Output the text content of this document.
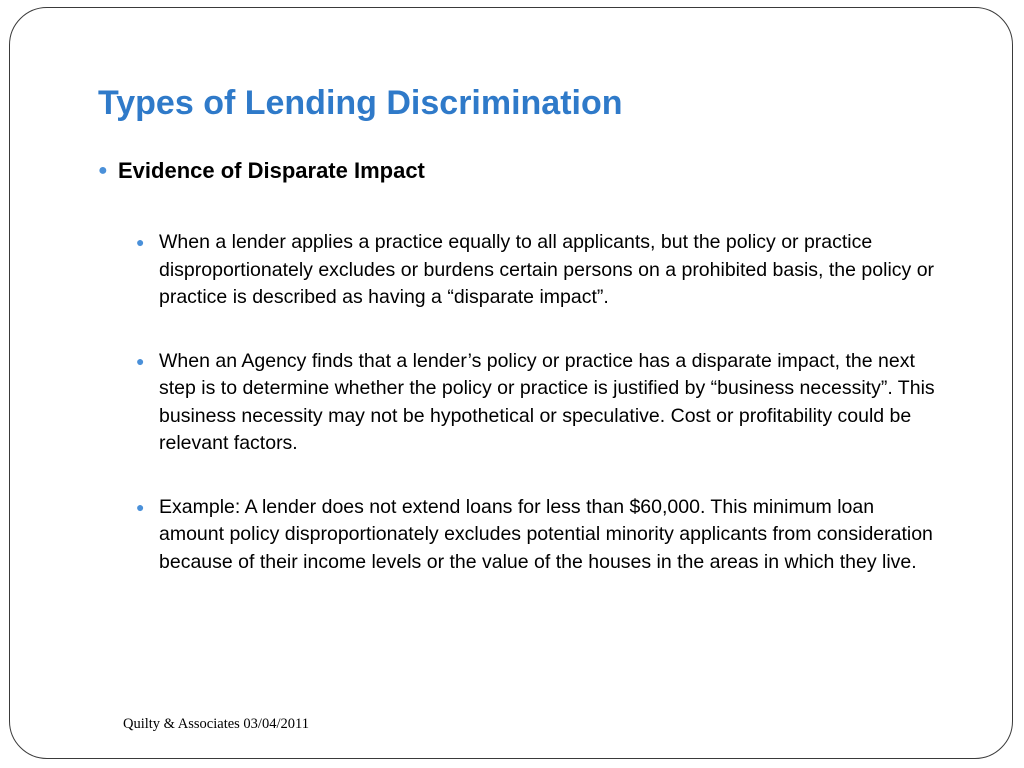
Types of Lending Discrimination
● Evidence of Disparate Impact
● When a lender applies a practice equally to all applicants, but the policy or practice disproportionately excludes or burdens certain persons on a prohibited basis, the policy or practice is described as having a “disparate impact”.
● When an Agency finds that a lender’s policy or practice has a disparate impact, the next step is to determine whether the policy or practice is justified by “business necessity”. This business necessity may not be hypothetical or speculative. Cost or profitability could be relevant factors.
● Example: A lender does not extend loans for less than $60,000. This minimum loan amount policy disproportionately excludes potential minority applicants from consideration because of their income levels or the value of the houses in the areas in which they live.
Quilty & Associates 03/04/2011
